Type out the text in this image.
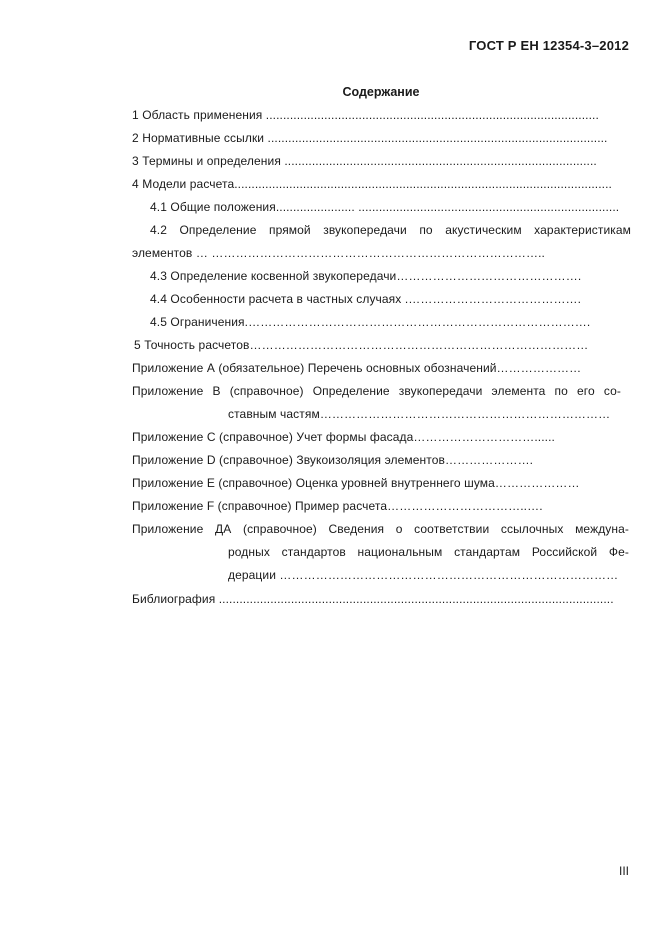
ГОСТ Р ЕН 12354-3–2012
Содержание
1 Область применения .................................................................................................
2 Нормативные ссылки ...................................................................................................
3 Термины и определения ...........................................................................................
4 Модели расчета..............................................................................................................
4.1 Общие положения....................... ............................................................................
4.2 Определение прямой звукопередачи по акустическим характеристикам
элементов … ………………………………………………………………………..
4.3 Определение косвенной звукопередачи……………………………………….
4.4 Особенности расчета в частных случаях .…………………………………….
4.5 Ограничения.………………………………………………………………………….
5 Точность расчетов…………………………………………………………………………
Приложение А (обязательное) Перечень основных обозначений…………………
Приложение В (справочное) Определение звукопередачи элемента по его со-
ставным частям………………………………………………………………
Приложение С (справочное) Учет формы фасада…………………………......
Приложение D (справочное) Звукоизоляция элементов………………….
Приложение Е (справочное) Оценка уровней внутреннего шума…………………
Приложение F (справочное) Пример расчета……………………………..….
Приложение ДА (справочное) Сведения о соответствии ссылочных междуна-
родных стандартов национальным стандартам Российской Фе-
дерации …………………………………………………………………………
Библиография ...................................................................................................................
III
